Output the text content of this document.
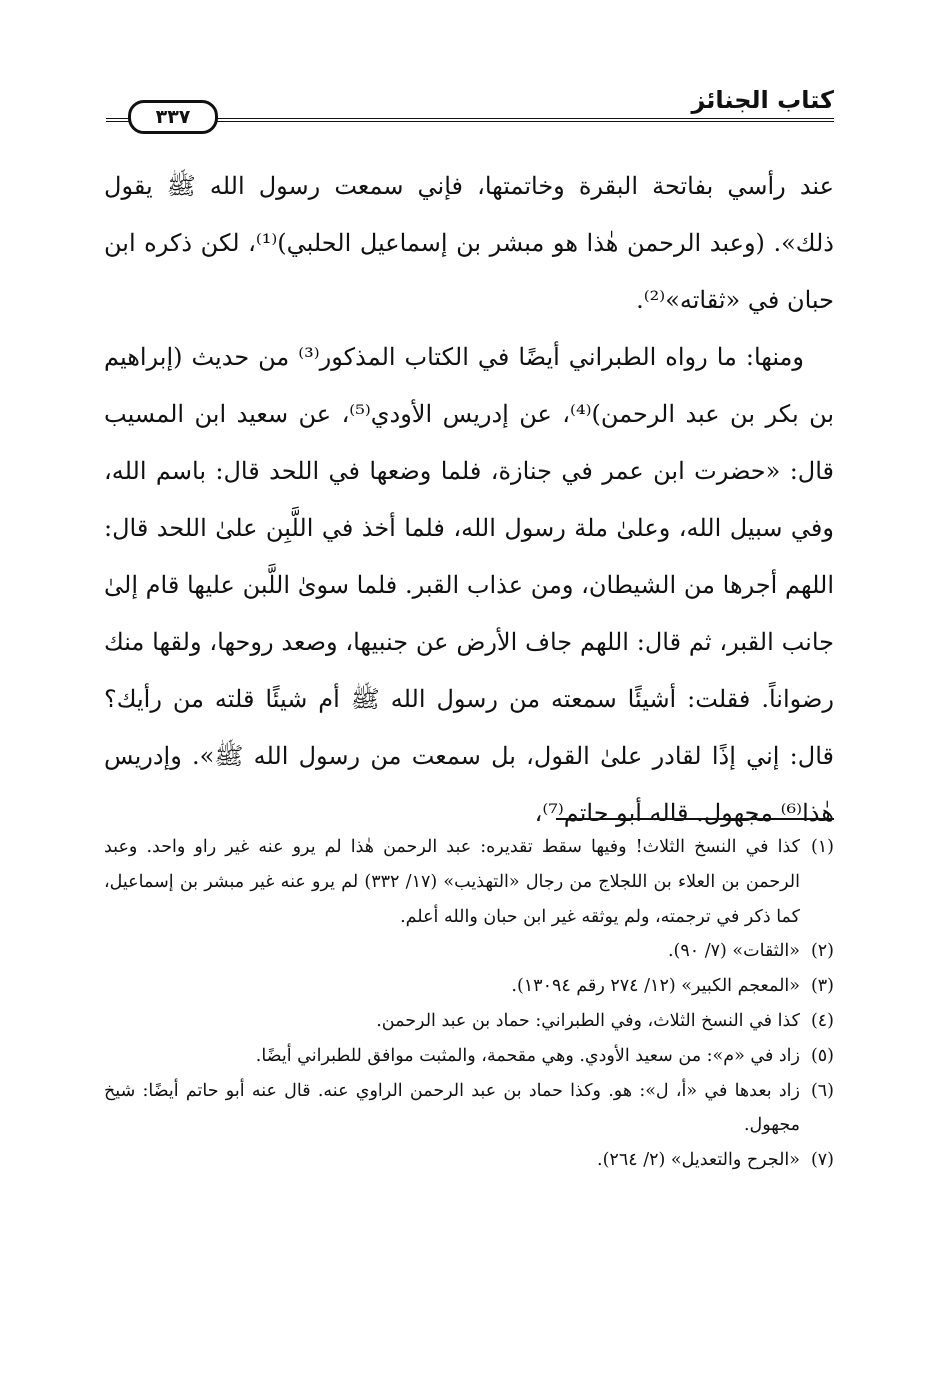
كتاب الجنائز
٣٣٧

عند رأسي بفاتحة البقرة وخاتمتها، فإني سمعت رسول الله ﷺ يقول ذلك». (وعبد الرحمن هٰذا هو مبشر بن إسماعيل الحلبي)⁽¹⁾، لكن ذكره ابن حبان في «ثقاته»⁽²⁾.

ومنها: ما رواه الطبراني أيضًا في الكتاب المذكور⁽³⁾ من حديث (إبراهيم بن بكر بن عبد الرحمن)⁽⁴⁾، عن إدريس الأودي⁽⁵⁾، عن سعيد ابن المسيب قال: «حضرت ابن عمر في جنازة، فلما وضعها في اللحد قال: باسم الله، وفي سبيل الله، وعلىٰ ملة رسول الله، فلما أخذ في اللَّبِن علىٰ اللحد قال: اللهم أجرها من الشيطان، ومن عذاب القبر. فلما سوىٰ اللَّبن عليها قام إلىٰ جانب القبر، ثم قال: اللهم جاف الأرض عن جنبيها، وصعد روحها، ولقها منك رضواناً. فقلت: أشيئًا سمعته من رسول الله ﷺ أم شيئًا قلته من رأيك؟ قال: إني إذًا لقادر علىٰ القول، بل سمعت من رسول الله ﷺ». وإدريس هٰذا⁽⁶⁾ مجهول. قاله أبو حاتم⁽⁷⁾،

(١)
كذا في النسخ الثلاث! وفيها سقط تقديره: عبد الرحمن هٰذا لم يرو عنه غير راو واحد. وعبد الرحمن بن العلاء بن اللجلاج من رجال «التهذيب» (١٧/ ٣٣٢) لم يرو عنه غير مبشر بن إسماعيل، كما ذكر في ترجمته، ولم يوثقه غير ابن حبان والله أعلم.

(٢)
«الثقات» (٧/ ٩٠).

(٣)
«المعجم الكبير» (١٢/ ٢٧٤ رقم ١٣٠٩٤).

(٤)
كذا في النسخ الثلاث، وفي الطبراني: حماد بن عبد الرحمن.

(٥)
زاد في «م»: من سعيد الأودي. وهي مقحمة، والمثبت موافق للطبراني أيضًا.

(٦)
زاد بعدها في «أ، ل»: هو. وكذا حماد بن عبد الرحمن الراوي عنه. قال عنه أبو حاتم أيضًا: شيخ مجهول.

(٧)
«الجرح والتعديل» (٢/ ٢٦٤).
